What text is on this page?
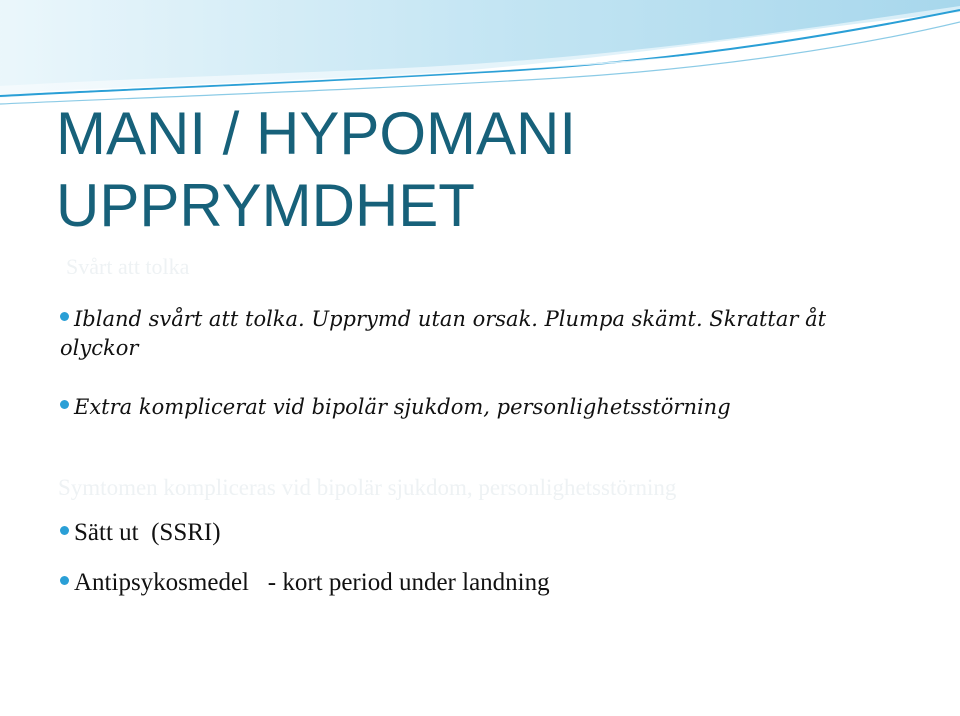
MANI / HYPOMANI
UPPRYMDHET

Svårt att tolka

Symtomen kompliceras vid bipolär sjukdom, personlighetsstörning

Ibland svårt att tolka. Upprymd utan orsak. Plumpa skämt. Skrattar åt
olyckor
Extra komplicerat vid bipolär sjukdom, personlighetsstörning
Sätt ut  (SSRI)
Antipsykosmedel   - kort period under landning
